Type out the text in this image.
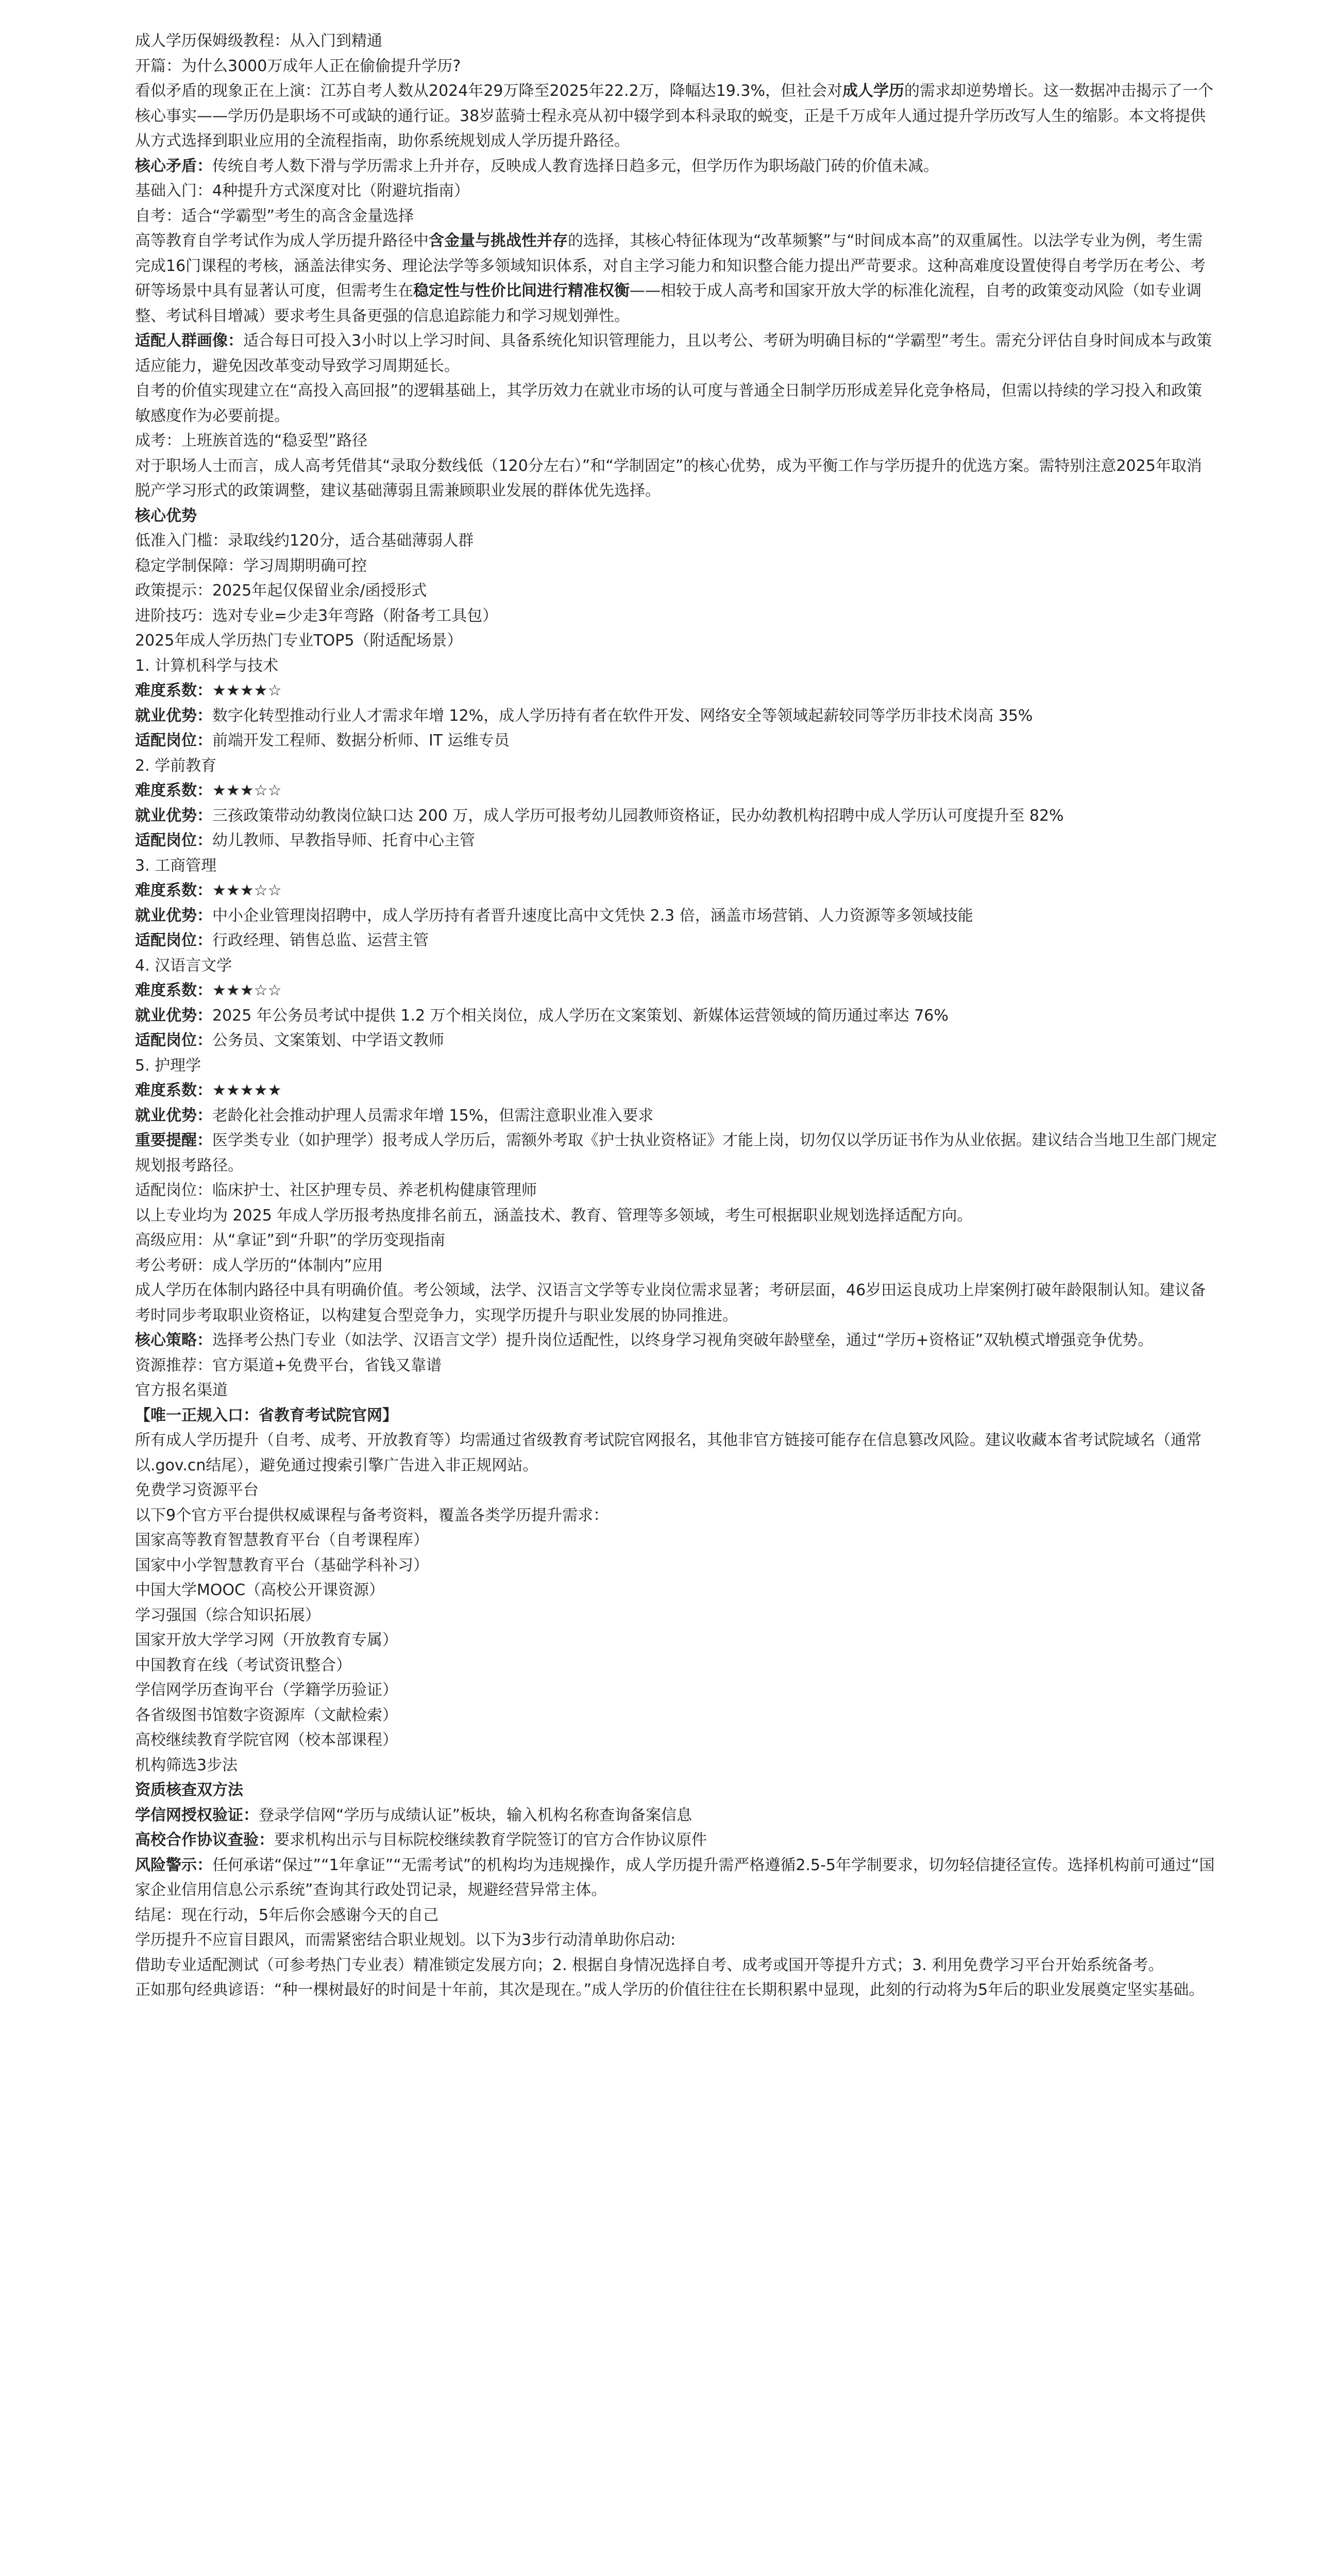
成人学历保姆级教程：从入门到精通

开篇：为什么3000万成年人正在偷偷提升学历?

看似矛盾的现象正在上演：江苏自考人数从2024年29万降至2025年22.2万，降幅达19.3%，但社会对成人学历的需求却逆势增长。这一数据冲击揭示了一个核心事实——学历仍是职场不可或缺的通行证。38岁蓝骑士程永亮从初中辍学到本科录取的蜕变，正是千万成年人通过提升学历改写人生的缩影。本文将提供从方式选择到职业应用的全流程指南，助你系统规划成人学历提升路径。

核心矛盾：传统自考人数下滑与学历需求上升并存，反映成人教育选择日趋多元，但学历作为职场敲门砖的价值未减。

基础入门：4种提升方式深度对比（附避坑指南）

自考：适合“学霸型”考生的高含金量选择

高等教育自学考试作为成人学历提升路径中含金量与挑战性并存的选择，其核心特征体现为“改革频繁”与“时间成本高”的双重属性。以法学专业为例，考生需完成16门课程的考核，涵盖法律实务、理论法学等多领域知识体系，对自主学习能力和知识整合能力提出严苛要求。这种高难度设置使得自考学历在考公、考研等场景中具有显著认可度，但需考生在稳定性与性价比间进行精准权衡——相较于成人高考和国家开放大学的标准化流程，自考的政策变动风险（如专业调整、考试科目增减）要求考生具备更强的信息追踪能力和学习规划弹性。

适配人群画像：适合每日可投入3小时以上学习时间、具备系统化知识管理能力，且以考公、考研为明确目标的“学霸型”考生。需充分评估自身时间成本与政策适应能力，避免因改革变动导致学习周期延长。

自考的价值实现建立在“高投入高回报”的逻辑基础上，其学历效力在就业市场的认可度与普通全日制学历形成差异化竞争格局，但需以持续的学习投入和政策敏感度作为必要前提。

成考：上班族首选的“稳妥型”路径

对于职场人士而言，成人高考凭借其“录取分数线低（120分左右）”和“学制固定”的核心优势，成为平衡工作与学历提升的优选方案。需特别注意2025年取消脱产学习形式的政策调整，建议基础薄弱且需兼顾职业发展的群体优先选择。

核心优势

低准入门槛：录取线约120分，适合基础薄弱人群

稳定学制保障：学习周期明确可控

政策提示：2025年起仅保留业余/函授形式

进阶技巧：选对专业=少走3年弯路（附备考工具包）

2025年成人学历热门专业TOP5（附适配场景）

1. 计算机科学与技术

难度系数：★★★★☆

就业优势：数字化转型推动行业人才需求年增 12%，成人学历持有者在软件开发、网络安全等领域起薪较同等学历非技术岗高 35%

适配岗位：前端开发工程师、数据分析师、IT 运维专员

2. 学前教育

难度系数：★★★☆☆

就业优势：三孩政策带动幼教岗位缺口达 200 万，成人学历可报考幼儿园教师资格证，民办幼教机构招聘中成人学历认可度提升至 82%

适配岗位：幼儿教师、早教指导师、托育中心主管

3. 工商管理

难度系数：★★★☆☆

就业优势：中小企业管理岗招聘中，成人学历持有者晋升速度比高中文凭快 2.3 倍，涵盖市场营销、人力资源等多领域技能

适配岗位：行政经理、销售总监、运营主管

4. 汉语言文学

难度系数：★★★☆☆

就业优势：2025 年公务员考试中提供 1.2 万个相关岗位，成人学历在文案策划、新媒体运营领域的简历通过率达 76%

适配岗位：公务员、文案策划、中学语文教师

5. 护理学

难度系数：★★★★★

就业优势：老龄化社会推动护理人员需求年增 15%，但需注意职业准入要求

重要提醒：医学类专业（如护理学）报考成人学历后，需额外考取《护士执业资格证》才能上岗，切勿仅以学历证书作为从业依据。建议结合当地卫生部门规定规划报考路径。

适配岗位：临床护士、社区护理专员、养老机构健康管理师

以上专业均为 2025 年成人学历报考热度排名前五，涵盖技术、教育、管理等多领域，考生可根据职业规划选择适配方向。

高级应用：从“拿证”到“升职”的学历变现指南

考公考研：成人学历的“体制内”应用

成人学历在体制内路径中具有明确价值。考公领域，法学、汉语言文学等专业岗位需求显著；考研层面，46岁田运良成功上岸案例打破年龄限制认知。建议备考时同步考取职业资格证，以构建复合型竞争力，实现学历提升与职业发展的协同推进。

核心策略：选择考公热门专业（如法学、汉语言文学）提升岗位适配性，以终身学习视角突破年龄壁垒，通过“学历+资格证”双轨模式增强竞争优势。

资源推荐：官方渠道+免费平台，省钱又靠谱

官方报名渠道

【唯一正规入口：省教育考试院官网】

所有成人学历提升（自考、成考、开放教育等）均需通过省级教育考试院官网报名，其他非官方链接可能存在信息篡改风险。建议收藏本省考试院域名（通常以.gov.cn结尾），避免通过搜索引擎广告进入非正规网站。

免费学习资源平台

以下9个官方平台提供权威课程与备考资料，覆盖各类学历提升需求：

国家高等教育智慧教育平台（自考课程库）

国家中小学智慧教育平台（基础学科补习）

中国大学MOOC（高校公开课资源）

学习强国（综合知识拓展）

国家开放大学学习网（开放教育专属）

中国教育在线（考试资讯整合）

学信网学历查询平台（学籍学历验证）

各省级图书馆数字资源库（文献检索）

高校继续教育学院官网（校本部课程）

机构筛选3步法

资质核查双方法

学信网授权验证：登录学信网“学历与成绩认证”板块，输入机构名称查询备案信息

高校合作协议查验：要求机构出示与目标院校继续教育学院签订的官方合作协议原件

风险警示：任何承诺“保过”“1年拿证”“无需考试”的机构均为违规操作，成人学历提升需严格遵循2.5-5年学制要求，切勿轻信捷径宣传。选择机构前可通过“国家企业信用信息公示系统”查询其行政处罚记录，规避经营异常主体。

结尾：现在行动，5年后你会感谢今天的自己

学历提升不应盲目跟风，而需紧密结合职业规划。以下为3步行动清单助你启动:

借助专业适配测试（可参考热门专业表）精准锁定发展方向；2. 根据自身情况选择自考、成考或国开等提升方式；3. 利用免费学习平台开始系统备考。

正如那句经典谚语：“种一棵树最好的时间是十年前，其次是现在。”成人学历的价值往往在长期积累中显现，此刻的行动将为5年后的职业发展奠定坚实基础。
